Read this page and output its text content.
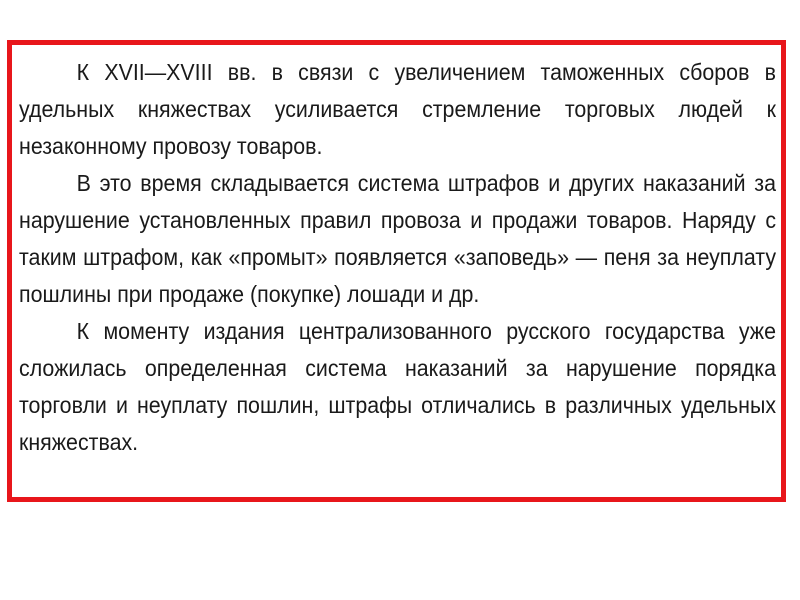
К XVII—XVIII вв. в связи с увеличением таможенных сборов в удельных княжествах усиливается стремление торговых людей к незаконному провозу товаров.

В это время складывается система штрафов и других наказаний за нарушение установленных правил провоза и продажи товаров. Наряду с таким штрафом, как «промыт» появляется «заповедь» — пеня за неуплату пошлины при продаже (покупке) лошади и др.

К моменту издания централизованного русского государства уже сложилась определенная система наказаний за нарушение порядка торговли и неуплату пошлин, штрафы отличались в различных удельных княжествах.
